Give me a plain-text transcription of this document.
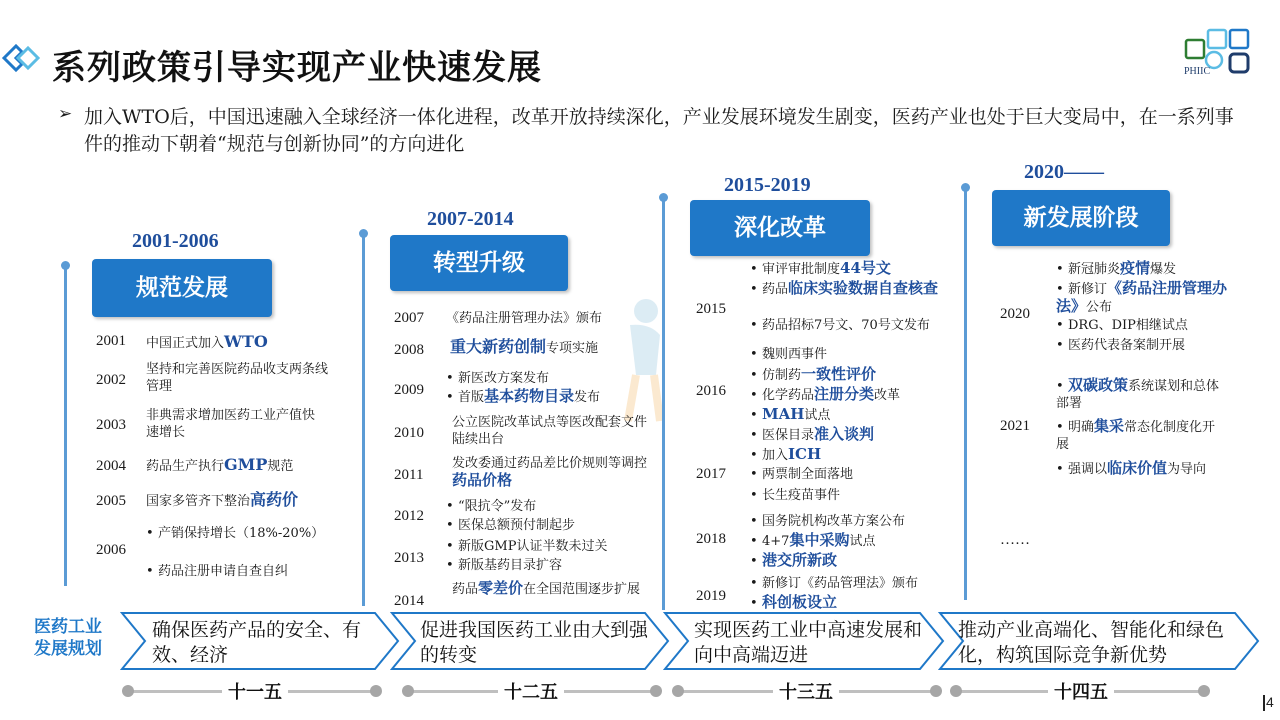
系列政策引导实现产业快速发展	PHIIC
➢ 加入WTO后，中国迅速融入全球经济一体化进程，改革开放持续深化，产业发展环境发生剧变，医药产业也处于巨大变局中，在一系列事件的推动下朝着“规范与创新协同”的方向进化
2001-2006
规范发展
2001 中国正式加入WTO
2002
坚持和完善医院药品收支两条线管理
2003
非典需求增加医药工业产值快速增长
2004 药品生产执行GMP规范
2005 国家多管齐下整治高药价
2006
• 产销保持增长（18%-20%）
• 药品注册申请自查自纠
2007-2014
转型升级
2007 《药品注册管理办法》颁布
2008 重大新药创制专项实施
2009
• 新医改方案发布
• 首版基本药物目录发布
2010
公立医院改革试点等医改配套文件陆续出台
2011
发改委通过药品差比价规则等调控药品价格
2012
• “限抗令”发布
• 医保总额预付制起步
2013
• 新版GMP认证半数未过关
• 新版基药目录扩容
2014
药品零差价在全国范围逐步扩展
2015-2019
深化改革
2015
• 审评审批制度44号文
• 药品临床实验数据自查核查
• 药品招标7号文、70号文发布
2016
• 魏则西事件
• 仿制药一致性评价
• 化学药品注册分类改革
• MAH试点
• 医保目录准入谈判
2017
• 加入ICH
• 两票制全面落地
• 长生疫苗事件
2018
• 国务院机构改革方案公布
• 4+7集中采购试点
• 港交所新政
2019
• 新修订《药品管理法》颁布
• 科创板设立
2020——
新发展阶段
2020
• 新冠肺炎疫情爆发
• 新修订《药品注册管理办法》公布
• DRG、DIP相继试点
• 医药代表备案制开展
2021
• 双碳政策系统谋划和总体部署
• 明确集采常态化制度化开展
• 强调以临床价值为导向
……
医药工业发展规划
确保医药产品的安全、有效、经济
促进我国医药工业由大到强的转变
实现医药工业中高速发展和向中高端迈进
推动产业高端化、智能化和绿色化，构筑国际竞争新优势
十一五	十二五	十三五	十四五	4
